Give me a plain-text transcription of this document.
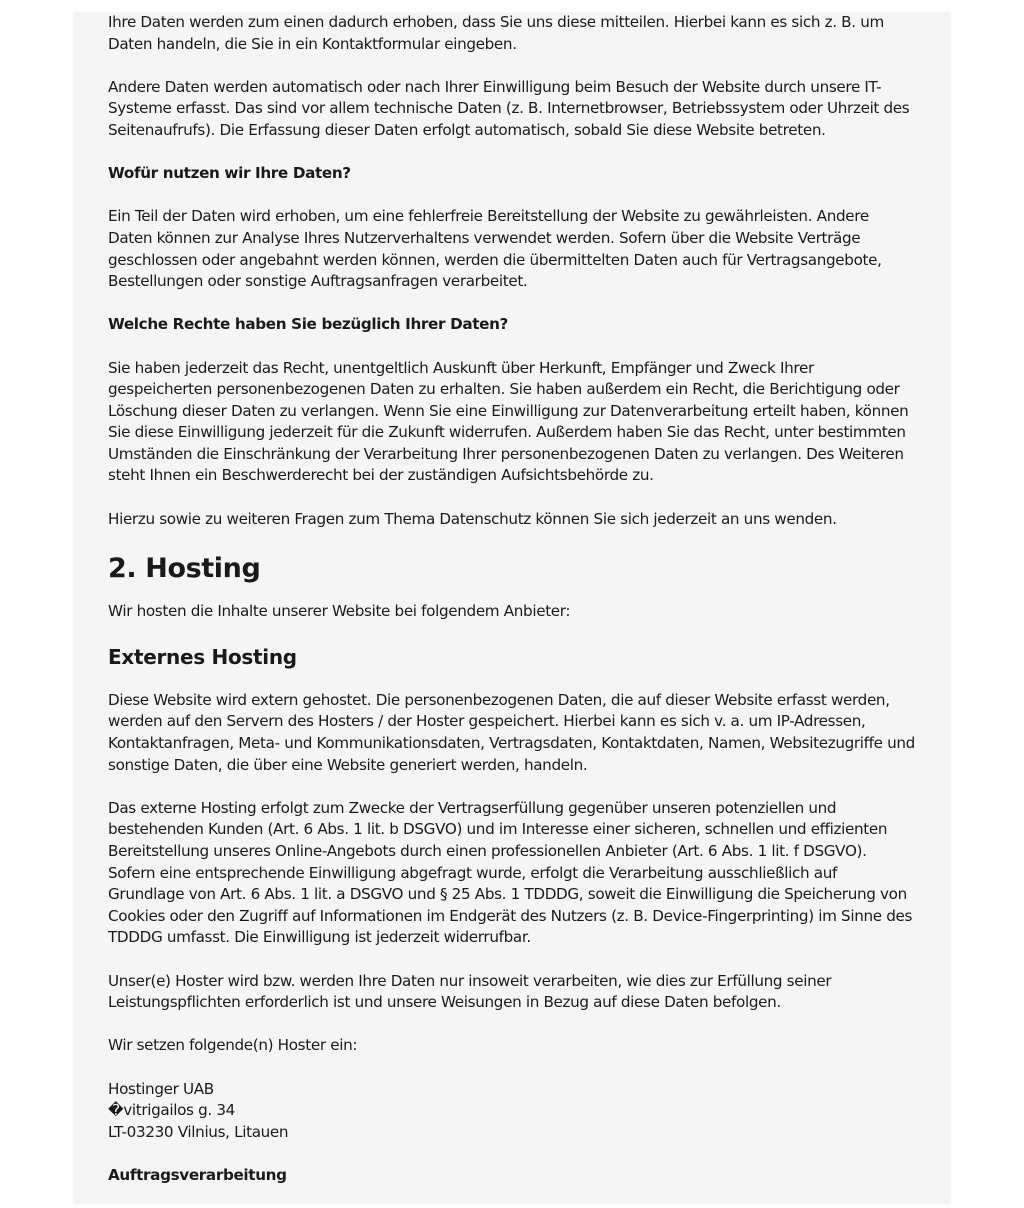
Ihre Daten werden zum einen dadurch erhoben, dass Sie uns diese mitteilen. Hierbei kann es sich z. B. um Daten handeln, die Sie in ein Kontaktformular eingeben.

Andere Daten werden automatisch oder nach Ihrer Einwilligung beim Besuch der Website durch unsere IT-Systeme erfasst. Das sind vor allem technische Daten (z. B. Internetbrowser, Betriebssystem oder Uhrzeit des Seitenaufrufs). Die Erfassung dieser Daten erfolgt automatisch, sobald Sie diese Website betreten.

Wofür nutzen wir Ihre Daten?

Ein Teil der Daten wird erhoben, um eine fehlerfreie Bereitstellung der Website zu gewährleisten. Andere Daten können zur Analyse Ihres Nutzerverhaltens verwendet werden. Sofern über die Website Verträge geschlossen oder angebahnt werden können, werden die übermittelten Daten auch für Vertragsangebote, Bestellungen oder sonstige Auftragsanfragen verarbeitet.

Welche Rechte haben Sie bezüglich Ihrer Daten?

Sie haben jederzeit das Recht, unentgeltlich Auskunft über Herkunft, Empfänger und Zweck Ihrer gespeicherten personenbezogenen Daten zu erhalten. Sie haben außerdem ein Recht, die Berichtigung oder Löschung dieser Daten zu verlangen. Wenn Sie eine Einwilligung zur Datenverarbeitung erteilt haben, können Sie diese Einwilligung jederzeit für die Zukunft widerrufen. Außerdem haben Sie das Recht, unter bestimmten Umständen die Einschränkung der Verarbeitung Ihrer personenbezogenen Daten zu verlangen. Des Weiteren steht Ihnen ein Beschwerderecht bei der zuständigen Aufsichtsbehörde zu.

Hierzu sowie zu weiteren Fragen zum Thema Datenschutz können Sie sich jederzeit an uns wenden.

2. Hosting

Wir hosten die Inhalte unserer Website bei folgendem Anbieter:

Externes Hosting

Diese Website wird extern gehostet. Die personenbezogenen Daten, die auf dieser Website erfasst werden, werden auf den Servern des Hosters / der Hoster gespeichert. Hierbei kann es sich v. a. um IP-Adressen, Kontaktanfragen, Meta- und Kommunikationsdaten, Vertragsdaten, Kontaktdaten, Namen, Websitezugriffe und sonstige Daten, die über eine Website generiert werden, handeln.

Das externe Hosting erfolgt zum Zwecke der Vertragserfüllung gegenüber unseren potenziellen und bestehenden Kunden (Art. 6 Abs. 1 lit. b DSGVO) und im Interesse einer sicheren, schnellen und effizienten Bereitstellung unseres Online-Angebots durch einen professionellen Anbieter (Art. 6 Abs. 1 lit. f DSGVO). Sofern eine entsprechende Einwilligung abgefragt wurde, erfolgt die Verarbeitung ausschließlich auf Grundlage von Art. 6 Abs. 1 lit. a DSGVO und § 25 Abs. 1 TDDDG, soweit die Einwilligung die Speicherung von Cookies oder den Zugriff auf Informationen im Endgerät des Nutzers (z. B. Device-Fingerprinting) im Sinne des TDDDG umfasst. Die Einwilligung ist jederzeit widerrufbar.

Unser(e) Hoster wird bzw. werden Ihre Daten nur insoweit verarbeiten, wie dies zur Erfüllung seiner Leistungspflichten erforderlich ist und unsere Weisungen in Bezug auf diese Daten befolgen.

Wir setzen folgende(n) Hoster ein:

Hostinger UAB
�vitrigailos g. 34
LT-03230 Vilnius, Litauen

Auftragsverarbeitung
